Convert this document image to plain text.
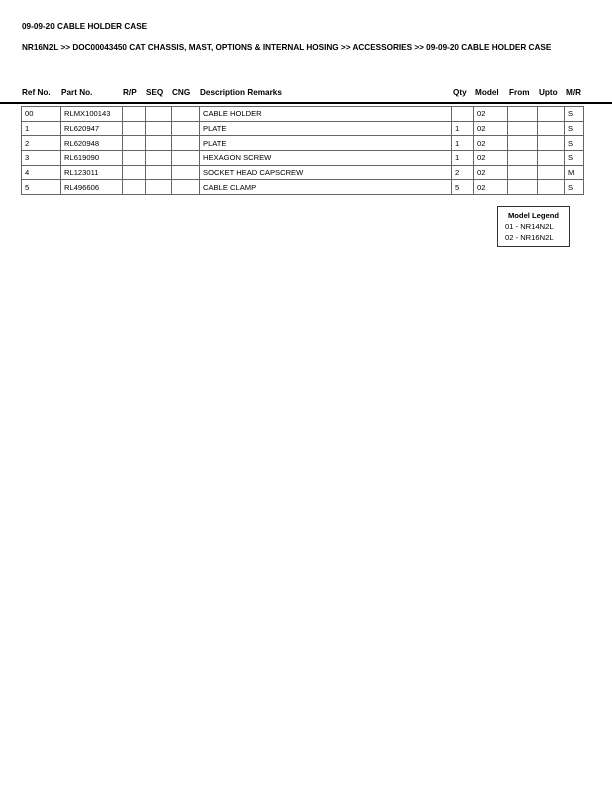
09-09-20 CABLE HOLDER CASE
NR16N2L >> DOC00043450 CAT CHASSIS, MAST, OPTIONS & INTERNAL HOSING >> ACCESSORIES >> 09-09-20 CABLE HOLDER CASE
Ref No. Part No.	R/P SEQ CNG Description Remarks	Qty Model From Upto M/R
00	RLMX100143				CABLE HOLDER		02			S
1	RL620947				PLATE	1	02			S
2	RL620948				PLATE	1	02			S
3	RL619090				HEXAGON SCREW	1	02			S
4	RL123011				SOCKET HEAD CAPSCREW	2	02			M
5	RL496606				CABLE CLAMP	5	02			S
Model Legend
01 - NR14N2L
02 - NR16N2L
